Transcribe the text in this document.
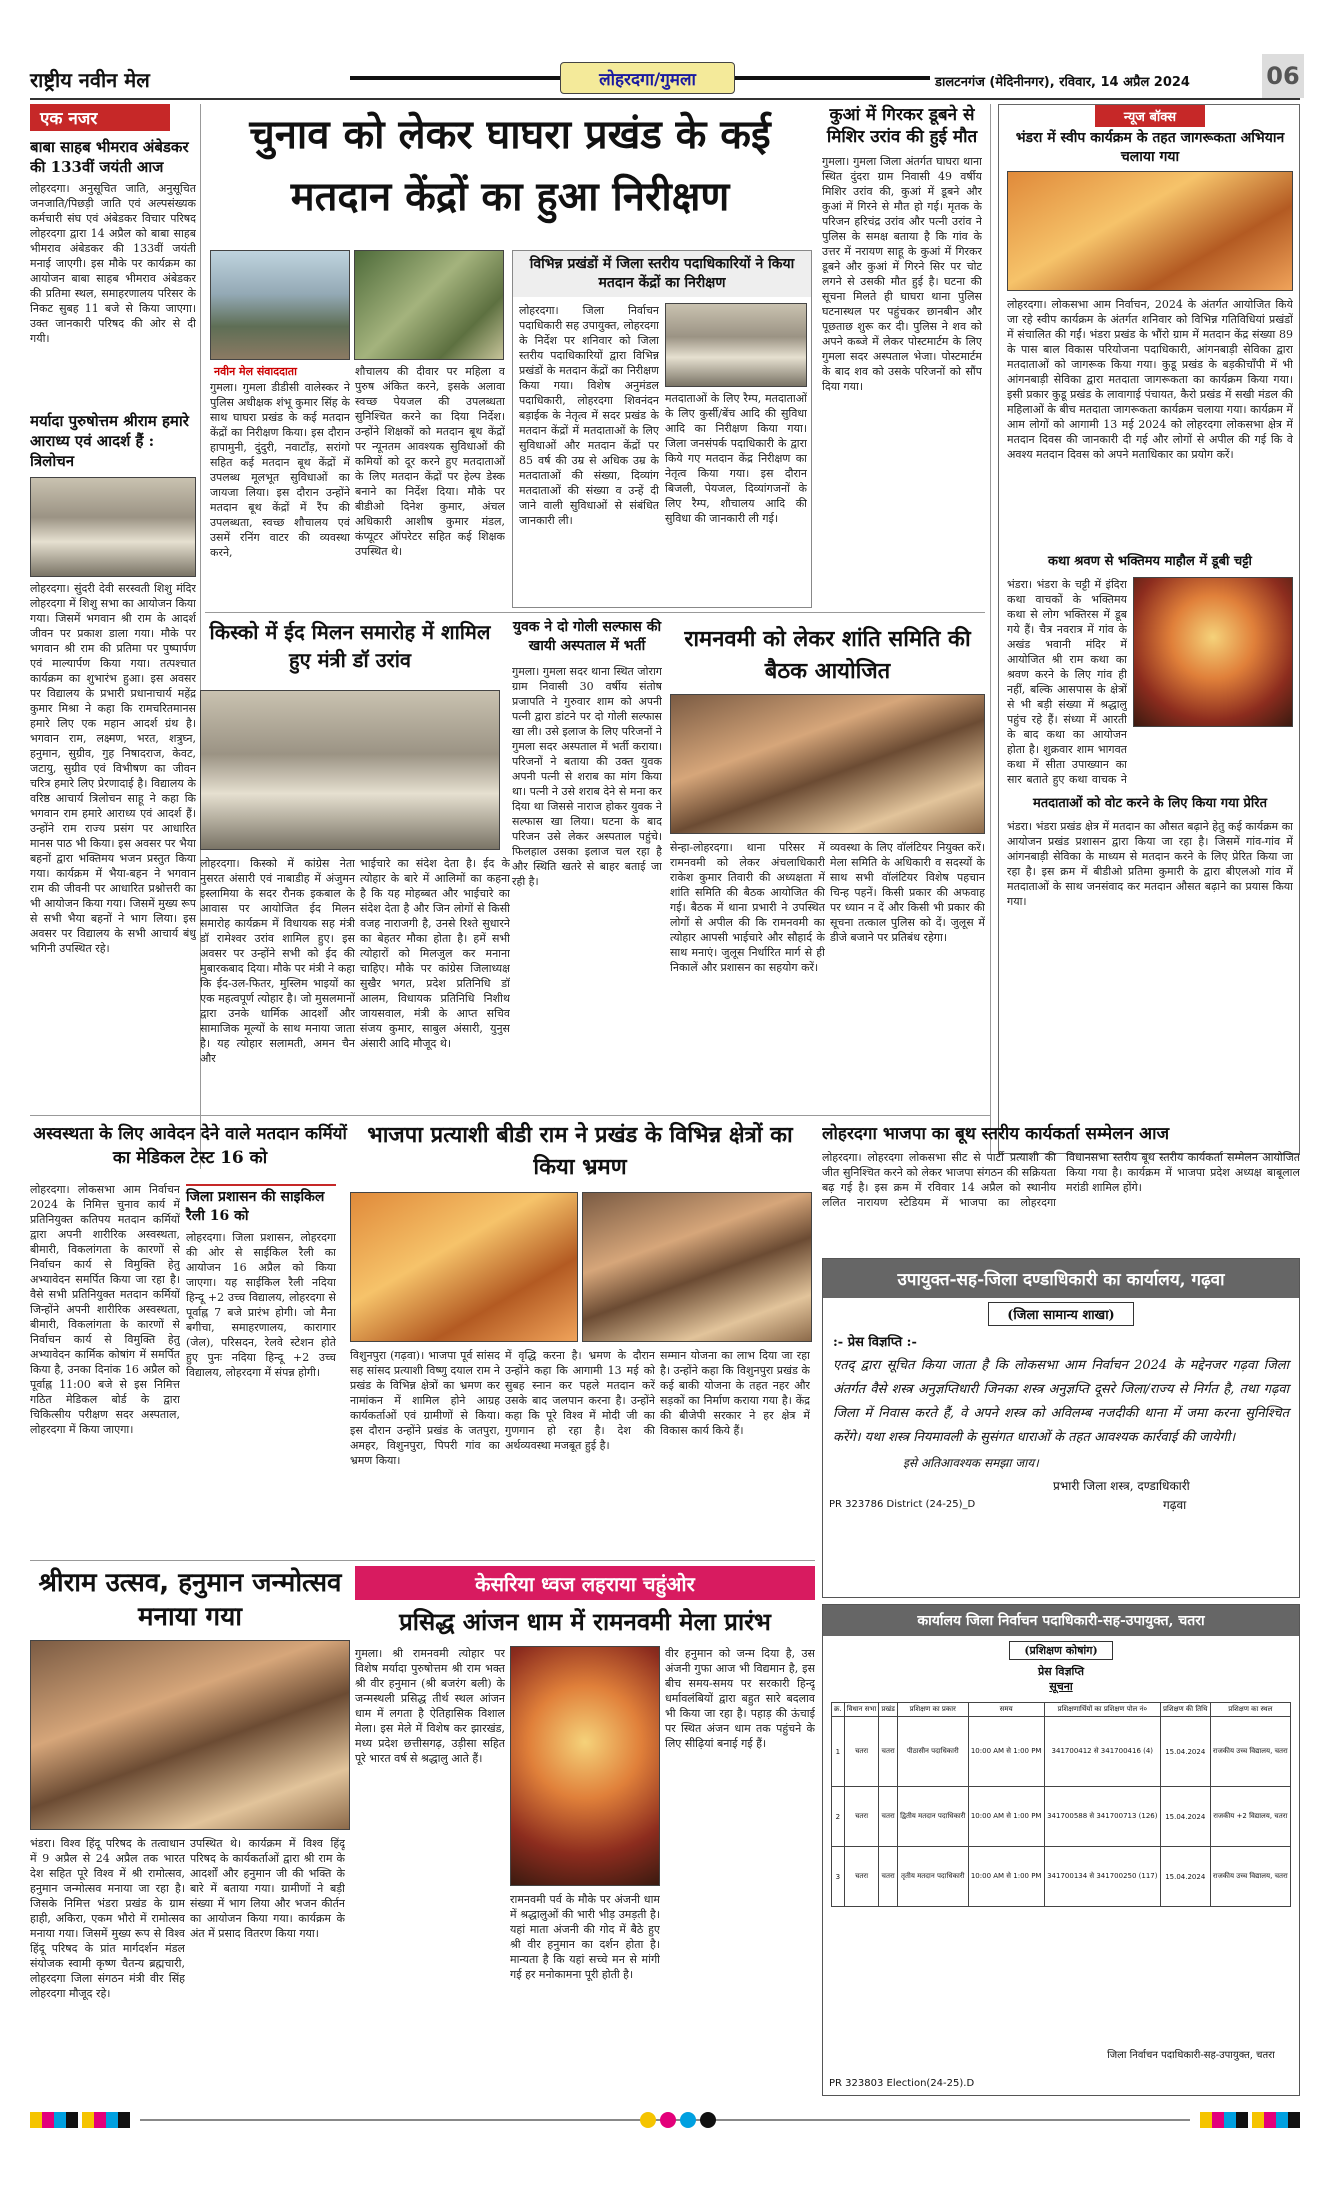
राष्ट्रीय नवीन मेल	लोहरदगा/गुमला	डालटनगंज (मेदिनीनगर), रविवार, 14 अप्रैल 2024	06
एक नजर
बाबा साहब भीमराव अंबेडकर की 133वीं जयंती आज
लोहरदगा। अनुसूचित जाति, अनुसूचित जनजाति/पिछड़ी जाति एवं अल्पसंख्यक कर्मचारी संघ एवं अंबेडकर विचार परिषद लोहरदगा द्वारा 14 अप्रैल को बाबा साहब भीमराव अंबेडकर की 133वीं जयंती मनाई जाएगी। इस मौके पर कार्यक्रम का आयोजन बाबा साहब भीमराव अंबेडकर की प्रतिमा स्थल, समाहरणालय परिसर के निकट सुबह 11 बजे से किया जाएगा। उक्त जानकारी परिषद की ओर से दी गयी।
मर्यादा पुरुषोत्तम श्रीराम हमारे आराध्य एवं आदर्श हैं : त्रिलोचन
लोहरदगा। सुंदरी देवी सरस्वती शिशु मंदिर लोहरदगा में शिशु सभा का आयोजन किया गया। जिसमें भगवान श्री राम के आदर्श जीवन पर प्रकाश डाला गया। मौके पर भगवान श्री राम की प्रतिमा पर पुष्पार्पण एवं माल्यार्पण किया गया। तत्पश्चात कार्यक्रम का शुभारंभ हुआ। इस अवसर पर विद्यालय के प्रभारी प्रधानाचार्य महेंद्र कुमार मिश्रा ने कहा कि रामचरितमानस हमारे लिए एक महान आदर्श ग्रंथ है। भगवान राम, लक्ष्मण, भरत, शत्रुघ्न, हनुमान, सुग्रीव, गुह निषादराज, केवट, जटायु, सुग्रीव एवं विभीषण का जीवन चरित्र हमारे लिए प्रेरणादाई है। विद्यालय के वरिष्ठ आचार्य त्रिलोचन साहू ने कहा कि भगवान राम हमारे आराध्य एवं आदर्श हैं। उन्होंने राम राज्य प्रसंग पर आधारित मानस पाठ भी किया। इस अवसर पर भैया बहनों द्वारा भक्तिमय भजन प्रस्तुत किया गया। कार्यक्रम में भैया-बहन ने भगवान राम की जीवनी पर आधारित प्रश्नोत्तरी का भी आयोजन किया गया। जिसमें मुख्य रूप से सभी भैया बहनों ने भाग लिया। इस अवसर पर विद्यालय के सभी आचार्य बंधु भगिनी उपस्थित रहे।
चुनाव को लेकर घाघरा प्रखंड के कई मतदान केंद्रों का हुआ निरीक्षण
नवीन मेल संवाददाता
गुमला। गुमला डीडीसी वालेस्कर ने पुलिस अधीक्षक शंभू कुमार सिंह के साथ घाघरा प्रखंड के कई मतदान केंद्रों का निरीक्षण किया। इस दौरान हापामुनी, दुंदुरी, नवाटाँड़, सरांगो सहित कई मतदान बूथ केंद्रों में उपलब्ध मूलभूत सुविधाओं का जायजा लिया। इस दौरान उन्होंने मतदान बूथ केंद्रों में रैंप की उपलब्धता, स्वच्छ शौचालय एवं उसमें रनिंग वाटर की व्यवस्था करने,
शौचालय की दीवार पर महिला व पुरुष अंकित करने, इसके अलावा स्वच्छ पेयजल की उपलब्धता सुनिश्चित करने का दिया निर्देश। उन्होंने शिक्षकों को मतदान बूथ केंद्रों पर न्यूनतम आवश्यक सुविधाओं की कमियों को दूर करने हुए मतदाताओं के लिए मतदान केंद्रों पर हेल्प डेस्क बनाने का निर्देश दिया। मौके पर बीडीओ दिनेश कुमार, अंचल अधिकारी आशीष कुमार मंडल, कंप्यूटर ऑपरेटर सहित कई शिक्षक उपस्थित थे।
विभिन्न प्रखंडों में जिला स्तरीय पदाधिकारियों ने किया मतदान केंद्रों का निरीक्षण
लोहरदगा। जिला निर्वाचन पदाधिकारी सह उपायुक्त, लोहरदगा के निर्देश पर शनिवार को जिला स्तरीय पदाधिकारियों द्वारा विभिन्न प्रखंडों के मतदान केंद्रों का निरीक्षण किया गया। विशेष अनुमंडल पदाधिकारी, लोहरदगा शिवनंदन बड़ाईक के नेतृत्व में सदर प्रखंड के मतदान केंद्रों में मतदाताओं के लिए सुविधाओं और मतदान केंद्रों पर 85 वर्ष की उम्र से अधिक उम्र के मतदाताओं की संख्या, दिव्यांग मतदाताओं की संख्या व उन्हें दी जाने वाली सुविधाओं से संबंधित जानकारी ली।
मतदाताओं के लिए रैम्प, मतदाताओं के लिए कुर्सी/बेंच आदि की सुविधा आदि का निरीक्षण किया गया। जिला जनसंपर्क पदाधिकारी के द्वारा किये गए मतदान केंद्र निरीक्षण का नेतृत्व किया गया। इस दौरान बिजली, पेयजल, दिव्यांगजनों के लिए रैम्प, शौचालय आदि की सुविधा की जानकारी ली गई।
कुआं में गिरकर डूबने से मिशिर उरांव की हुई मौत
गुमला। गुमला जिला अंतर्गत घाघरा थाना स्थित दुंदरा ग्राम निवासी 49 वर्षीय मिशिर उरांव की, कुआं में डूबने और कुआं में गिरने से मौत हो गई। मृतक के परिजन हरिचंद्र उरांव और पत्नी उरांव ने पुलिस के समक्ष बताया है कि गांव के उत्तर में नरायण साहू के कुआं में गिरकर डूबने और कुआं में गिरने सिर पर चोट लगने से उसकी मौत हुई है। घटना की सूचना मिलते ही घाघरा थाना पुलिस घटनास्थल पर पहुंचकर छानबीन और पूछताछ शुरू कर दी। पुलिस ने शव को अपने कब्जे में लेकर पोस्टमार्टम के लिए गुमला सदर अस्पताल भेजा। पोस्टमार्टम के बाद शव को उसके परिजनों को सौंप दिया गया।
न्यूज बॉक्स
भंडरा में स्वीप कार्यक्रम के तहत जागरूकता अभियान चलाया गया
लोहरदगा। लोकसभा आम निर्वाचन, 2024 के अंतर्गत आयोजित किये जा रहे स्वीप कार्यक्रम के अंतर्गत शनिवार को विभिन्न गतिविधियां प्रखंडों में संचालित की गईं। भंडरा प्रखंड के भौंरो ग्राम में मतदान केंद्र संख्या 89 के पास बाल विकास परियोजना पदाधिकारी, आंगनबाड़ी सेविका द्वारा मतदाताओं को जागरूक किया गया। कुडू प्रखंड के बड़कीचाँपी में भी आंगनबाड़ी सेविका द्वारा मतदाता जागरूकता का कार्यक्रम किया गया। इसी प्रकार कुडू प्रखंड के लावागाई पंचायत, कैरो प्रखंड में सखी मंडल की महिलाओं के बीच मतदाता जागरूकता कार्यक्रम चलाया गया। कार्यक्रम में आम लोगों को आगामी 13 मई 2024 को लोहरदगा लोकसभा क्षेत्र में मतदान दिवस की जानकारी दी गई और लोगों से अपील की गई कि वे अवश्य मतदान दिवस को अपने मताधिकार का प्रयोग करें।
कथा श्रवण से भक्तिमय माहौल में डूबी चट्टी
भंडरा। भंडरा के चट्टी में इंदिरा कथा वाचकों के भक्तिमय कथा से लोग भक्तिरस में डूब गये हैं। चैत्र नवरात्र में गांव के अखंड भवानी मंदिर में आयोजित श्री राम कथा का श्रवण करने के लिए गांव ही नहीं, बल्कि आसपास के क्षेत्रों से भी बड़ी संख्या में श्रद्धालु पहुंच रहे हैं। संध्या में आरती के बाद कथा का आयोजन होता है। शुक्रवार शाम भागवत कथा में सीता उपाख्यान का सार बताते हुए कथा वाचक ने
मतदाताओं को वोट करने के लिए किया गया प्रेरित
भंडरा। भंडरा प्रखंड क्षेत्र में मतदान का औसत बढ़ाने हेतु कई कार्यक्रम का आयोजन प्रखंड प्रशासन द्वारा किया जा रहा है। जिसमें गांव-गांव में आंगनबाड़ी सेविका के माध्यम से मतदान करने के लिए प्रेरित किया जा रहा है। इस क्रम में बीडीओ प्रतिमा कुमारी के द्वारा बीएलओ गांव में मतदाताओं के साथ जनसंवाद कर मतदान औसत बढ़ाने का प्रयास किया गया।
किस्को में ईद मिलन समारोह में शामिल हुए मंत्री डॉ उरांव
लोहरदगा। किस्को में कांग्रेस नेता नुसरत अंसारी एवं नाबाडीह में अंजुमन इस्लामिया के सदर रौनक इकबाल के आवास पर आयोजित ईद मिलन समारोह कार्यक्रम में विधायक सह मंत्री डॉ रामेश्वर उरांव शामिल हुए। इस अवसर पर उन्होंने सभी को ईद की मुबारकबाद दिया। मौके पर मंत्री ने कहा कि ईद-उल-फितर, मुस्लिम भाइयों का एक महत्वपूर्ण त्योहार है। जो मुसलमानों द्वारा उनके धार्मिक आदर्शों और सामाजिक मूल्यों के साथ मनाया जाता है। यह त्योहार सलामती, अमन चैन और
भाईचारे का संदेश देता है। ईद के त्योहार के बारे में आलिमों का कहना है कि यह मोहब्बत और भाईचारे का संदेश देता है और जिन लोगों से किसी वजह नाराजगी है, उनसे रिश्ते सुधारने का बेहतर मौका होता है। हमें सभी त्योहारों को मिलजुल कर मनाना चाहिए। मौके पर कांग्रेस जिलाध्यक्ष सुखैर भगत, प्रदेश प्रतिनिधि डॉ आलम, विधायक प्रतिनिधि निशीथ जायसवाल, मंत्री के आप्त सचिव संजय कुमार, साबुल अंसारी, युनुस अंसारी आदि मौजूद थे।
युवक ने दो गोली सल्फास की खायी अस्पताल में भर्ती
गुमला। गुमला सदर थाना स्थित जोराग ग्राम निवासी 30 वर्षीय संतोष प्रजापति ने गुरुवार शाम को अपनी पत्नी द्वारा डांटने पर दो गोली सल्फास खा ली। उसे इलाज के लिए परिजनों ने गुमला सदर अस्पताल में भर्ती कराया। परिजनों ने बताया की उक्त युवक अपनी पत्नी से शराब का मांग किया था। पत्नी ने उसे शराब देने से मना कर दिया था जिससे नाराज होकर युवक ने सल्फास खा लिया। घटना के बाद परिजन उसे लेकर अस्पताल पहुंचे। फिलहाल उसका इलाज चल रहा है और स्थिति खतरे से बाहर बताई जा रही है।
रामनवमी को लेकर शांति समिति की बैठक आयोजित
सेन्हा-लोहरदगा। थाना परिसर में रामनवमी को लेकर अंचलाधिकारी राकेश कुमार तिवारी की अध्यक्षता में शांति समिति की बैठक आयोजित की गई। बैठक में थाना प्रभारी ने उपस्थित लोगों से अपील की कि रामनवमी का त्योहार आपसी भाईचारे और सौहार्द के साथ मनाएं। जुलूस निर्धारित मार्ग से ही निकालें और प्रशासन का सहयोग करें।
व्यवस्था के लिए वॉलंटियर नियुक्त करें। मेला समिति के अधिकारी व सदस्यों के साथ सभी वॉलंटियर विशेष पहचान चिन्ह पहनें। किसी प्रकार की अफवाह पर ध्यान न दें और किसी भी प्रकार की सूचना तत्काल पुलिस को दें। जुलूस में डीजे बजाने पर प्रतिबंध रहेगा।
अस्वस्थता के लिए आवेदन देने वाले मतदान कर्मियों का मेडिकल टेस्ट 16 को
लोहरदगा। लोकसभा आम निर्वाचन 2024 के निमित्त चुनाव कार्य में प्रतिनियुक्त कतिपय मतदान कर्मियों द्वारा अपनी शारीरिक अस्वस्थता, बीमारी, विकलांगता के कारणों से निर्वाचन कार्य से विमुक्ति हेतु अभ्यावेदन समर्पित किया जा रहा है। वैसे सभी प्रतिनियुक्त मतदान कर्मियों जिन्होंने अपनी शारीरिक अस्वस्थता, बीमारी, विकलांगता के कारणों से निर्वाचन कार्य से विमुक्ति हेतु अभ्यावेदन कार्मिक कोषांग में समर्पित किया है, उनका दिनांक 16 अप्रैल को पूर्वाह्न 11:00 बजे से इस निमित्त गठित मेडिकल बोर्ड के द्वारा चिकित्सीय परीक्षण सदर अस्पताल, लोहरदगा में किया जाएगा।
जिला प्रशासन की साइकिल रैली 16 को
लोहरदगा। जिला प्रशासन, लोहरदगा की ओर से साईकिल रैली का आयोजन 16 अप्रैल को किया जाएगा। यह साईकिल रैली नदिया हिन्दू +2 उच्च विद्यालय, लोहरदगा से पूर्वाह्न 7 बजे प्रारंभ होगी। जो मैना बगीचा, समाहरणालय, कारागार (जेल), परिसदन, रेलवे स्टेशन होते हुए पुनः नदिया हिन्दू +2 उच्च विद्यालय, लोहरदगा में संपन्न होगी।
भाजपा प्रत्याशी बीडी राम ने प्रखंड के विभिन्न क्षेत्रों का किया भ्रमण
विशुनपुरा (गढ़वा)। भाजपा पूर्व सांसद सह सांसद प्रत्याशी विष्णु दयाल राम ने प्रखंड के विभिन्न क्षेत्रों का भ्रमण कर नामांकन में शामिल होने आग्रह कार्यकर्ताओं एवं ग्रामीणों से किया। इस दौरान उन्होंने प्रखंड के जतपुरा, अमहर, विशुनपुरा, पिपरी गांव का भ्रमण किया।
में वृद्धि करना है। भ्रमण के दौरान उन्होंने कहा कि आगामी 13 मई को सुबह स्नान कर पहले मतदान करें उसके बाद जलपान करना है। उन्होंने कहा कि पूरे विश्व में मोदी जी का गुणगान हो रहा है। देश की अर्थव्यवस्था मजबूत हुई है।
सम्मान योजना का लाभ दिया जा रहा है। उन्होंने कहा कि विशुनपुरा प्रखंड के कई बाकी योजना के तहत नहर और सड़कों का निर्माण कराया गया है। केंद्र की बीजेपी सरकार ने हर क्षेत्र में विकास कार्य किये हैं।
लोहरदगा भाजपा का बूथ स्तरीय कार्यकर्ता सम्मेलन आज
लोहरदगा। लोहरदगा लोकसभा सीट से पार्टी प्रत्याशी की जीत सुनिश्चित करने को लेकर भाजपा संगठन की सक्रियता बढ़ गई है। इस क्रम में रविवार 14 अप्रैल को स्थानीय ललित नारायण स्टेडियम में भाजपा का लोहरदगा विधानसभा स्तरीय बूथ स्तरीय कार्यकर्ता सम्मेलन आयोजित किया गया है। कार्यक्रम में भाजपा प्रदेश अध्यक्ष बाबूलाल मरांडी शामिल होंगे।
उपायुक्त-सह-जिला दण्डाधिकारी का कार्यालय, गढ़वा
(जिला सामान्य शाखा)
:- प्रेस विज्ञप्ति :-
एतद् द्वारा सूचित किया जाता है कि लोकसभा आम निर्वाचन 2024 के मद्देनजर गढ़वा जिला अंतर्गत वैसे शस्त्र अनुज्ञप्तिधारी जिनका शस्त्र अनुज्ञप्ति दूसरे जिला/राज्य से निर्गत है, तथा गढ़वा जिला में निवास करते हैं, वे अपने शस्त्र को अविलम्ब नजदीकी थाना में जमा करना सुनिश्चित करेंगे। यथा शस्त्र नियमावली के सुसंगत धाराओं के तहत आवश्यक कार्रवाई की जायेगी।
इसे अतिआवश्यक समझा जाय।
प्रभारी जिला शस्त्र, दण्डाधिकारी
गढ़वा
PR 323786 District (24-25)_D
कार्यालय जिला निर्वाचन पदाधिकारी-सह-उपायुक्त, चतरा
(प्रशिक्षण कोषांग)
प्रेस विज्ञप्ति
सूचना
क्र.	विधान सभा	प्रखंड	प्रशिक्षण का प्रकार	समय	प्रशिक्षणार्थियों का प्रशिक्षण पोल नं०	प्रशिक्षण की तिथि	प्रशिक्षण का स्थल
1	चतरा	चतरा	पीठासीन पदाधिकारी	10:00 AM से 1:00 PM	341700412 से 341700416 (4)	15.04.2024	राजकीय उच्च विद्यालय, चतरा
2	चतरा	चतरा	द्वितीय मतदान पदाधिकारी	10:00 AM से 1:00 PM	341700588 से 341700713 (126)	15.04.2024	राजकीय +2 विद्यालय, चतरा
3	चतरा	चतरा	तृतीय मतदान पदाधिकारी	10:00 AM से 1:00 PM	341700134 से 341700250 (117)	15.04.2024	राजकीय उच्च विद्यालय, चतरा
जिला निर्वाचन पदाधिकारी-सह-उपायुक्त, चतरा
PR 323803 Election(24-25).D
श्रीराम उत्सव, हनुमान जन्मोत्सव मनाया गया
भंडरा। विश्व हिंदू परिषद के तत्वाधान में 9 अप्रैल से 24 अप्रैल तक भारत देश सहित पूरे विश्व में श्री रामोत्सव, हनुमान जन्मोत्सव मनाया जा रहा है। जिसके निमित्त भंडरा प्रखंड के ग्राम हाही, अकिरा, एकम भौरो में रामोत्सव मनाया गया। जिसमें मुख्य रूप से विश्व हिंदू परिषद के प्रांत मार्गदर्शन मंडल संयोजक स्वामी कृष्ण चैतन्य ब्रह्मचारी, लोहरदगा जिला संगठन मंत्री वीर सिंह लोहरदगा मौजूद रहे।
उपस्थित थे। कार्यक्रम में विश्व हिंदू परिषद के कार्यकर्ताओं द्वारा श्री राम के आदर्शों और हनुमान जी की भक्ति के बारे में बताया गया। ग्रामीणों ने बड़ी संख्या में भाग लिया और भजन कीर्तन का आयोजन किया गया। कार्यक्रम के अंत में प्रसाद वितरण किया गया।
केसरिया ध्वज लहराया चहुंओर
प्रसिद्ध आंजन धाम में रामनवमी मेला प्रारंभ
गुमला। श्री रामनवमी त्योहार पर विशेष मर्यादा पुरुषोत्तम श्री राम भक्त श्री वीर हनुमान (श्री बजरंग बली) के जन्मस्थली प्रसिद्ध तीर्थ स्थल आंजन धाम में लगता है ऐतिहासिक विशाल मेला। इस मेले में विशेष कर झारखंड, मध्य प्रदेश छत्तीसगढ़, उड़ीसा सहित पूरे भारत वर्ष से श्रद्धालु आते हैं।
रामनवमी पर्व के मौके पर अंजनी धाम में श्रद्धालुओं की भारी भीड़ उमड़ती है। यहां माता अंजनी की गोद में बैठे हुए श्री वीर हनुमान का दर्शन होता है। मान्यता है कि यहां सच्चे मन से मांगी गई हर मनोकामना पूरी होती है।
वीर हनुमान को जन्म दिया है, उस अंजनी गुफा आज भी विद्यमान है, इस बीच समय-समय पर सरकारी हिन्दू धर्मावलंबियों द्वारा बहुत सारे बदलाव भी किया जा रहा है। पहाड़ की ऊंचाई पर स्थित अंजन धाम तक पहुंचने के लिए सीढ़ियां बनाई गई हैं।
